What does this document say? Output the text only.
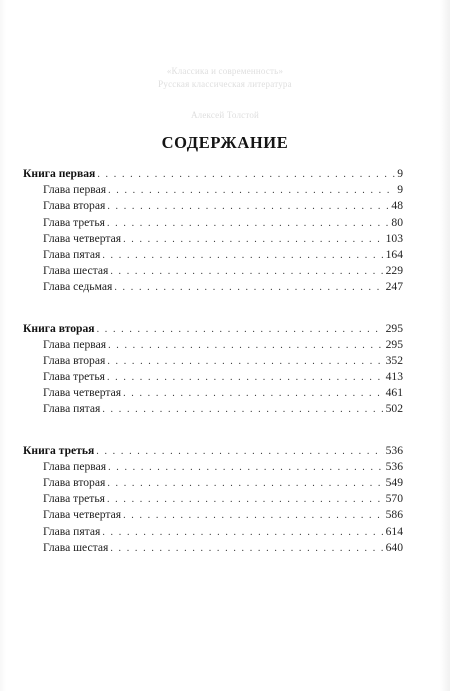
«Классика и современность»
Русская классическая литература
Алексей Толстой
СОДЕРЖАНИЕ
Книга первая . . .	9
Глава первая . . .	9
Глава вторая . . .	48
Глава третья . . .	80
Глава четвертая . . .	103
Глава пятая . . .	164
Глава шестая . . .	229
Глава седьмая . . .	247
Книга вторая . . .	295
Глава первая . . .	295
Глава вторая . . .	352
Глава третья . . .	413
Глава четвертая . . .	461
Глава пятая . . .	502
Книга третья . . .	536
Глава первая . . .	536
Глава вторая . . .	549
Глава третья . . .	570
Глава четвертая . . .	586
Глава пятая . . .	614
Глава шестая . . .	640
